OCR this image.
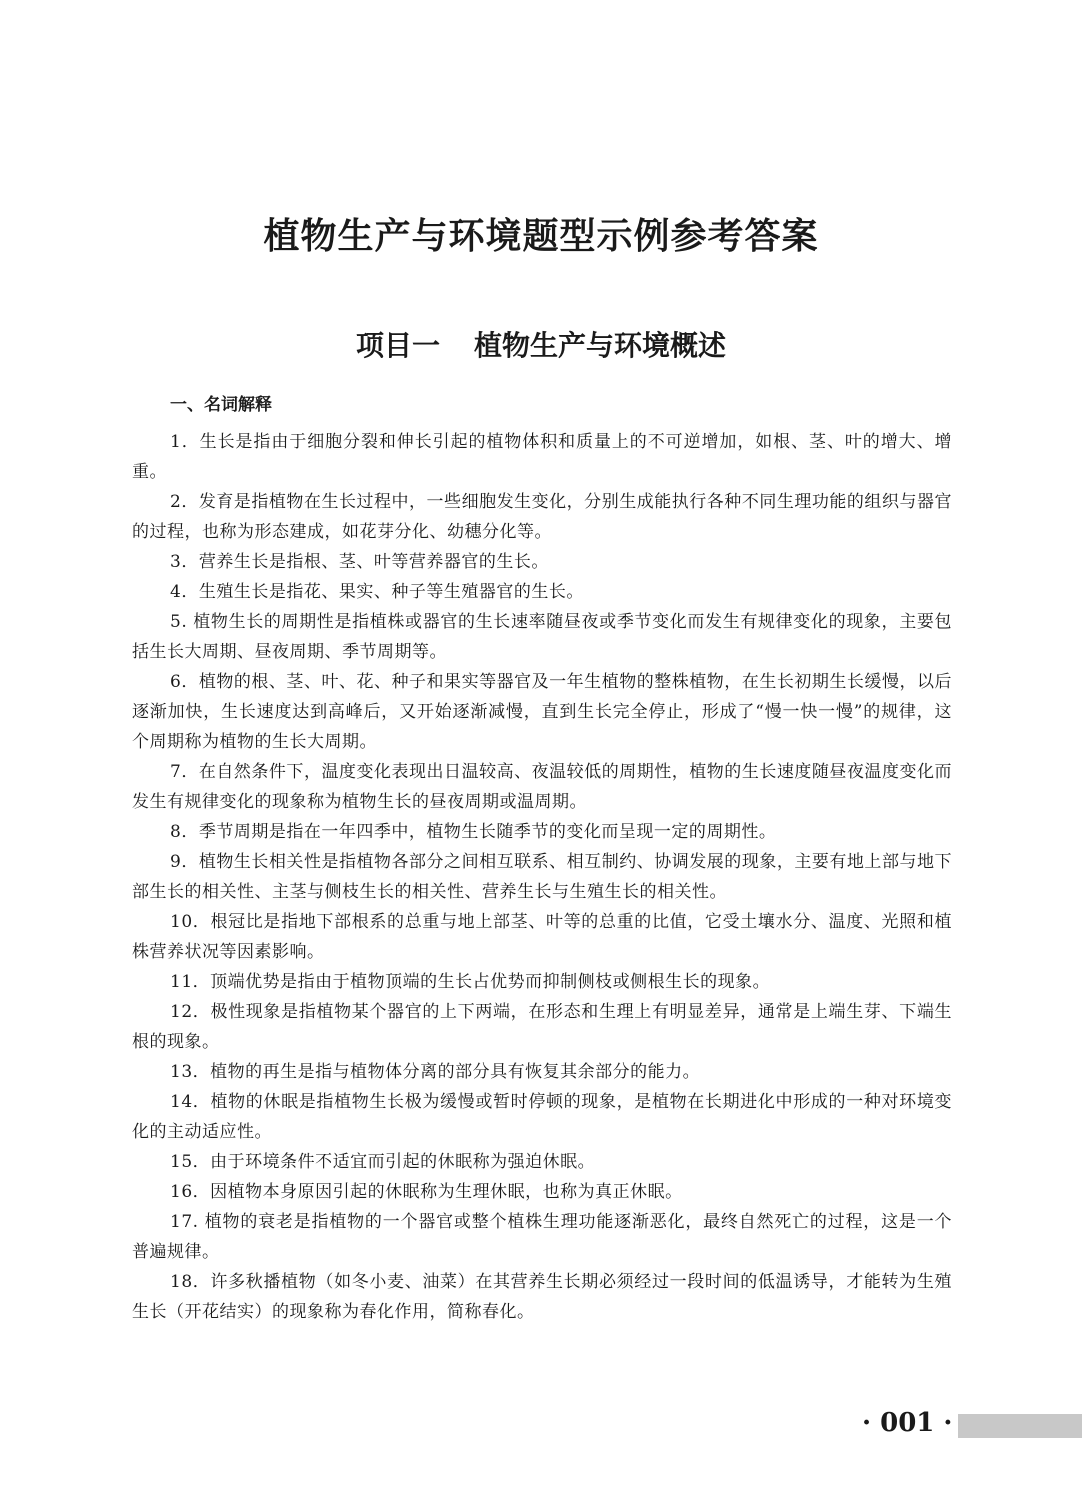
植物生产与环境题型示例参考答案
项目一 植物生产与环境概述
一、名词解释

1．生长是指由于细胞分裂和伸长引起的植物体积和质量上的不可逆增加，如根、茎、叶的增大、增重。

2．发育是指植物在生长过程中，一些细胞发生变化，分别生成能执行各种不同生理功能的组织与器官的过程，也称为形态建成，如花芽分化、幼穗分化等。

3．营养生长是指根、茎、叶等营养器官的生长。

4．生殖生长是指花、果实、种子等生殖器官的生长。

5. 植物生长的周期性是指植株或器官的生长速率随昼夜或季节变化而发生有规律变化的现象，主要包括生长大周期、昼夜周期、季节周期等。

6．植物的根、茎、叶、花、种子和果实等器官及一年生植物的整株植物，在生长初期生长缓慢，以后逐渐加快，生长速度达到高峰后，又开始逐渐减慢，直到生长完全停止，形成了“慢一快一慢”的规律，这个周期称为植物的生长大周期。

7．在自然条件下，温度变化表现出日温较高、夜温较低的周期性，植物的生长速度随昼夜温度变化而发生有规律变化的现象称为植物生长的昼夜周期或温周期。

8．季节周期是指在一年四季中，植物生长随季节的变化而呈现一定的周期性。

9．植物生长相关性是指植物各部分之间相互联系、相互制约、协调发展的现象，主要有地上部与地下部生长的相关性、主茎与侧枝生长的相关性、营养生长与生殖生长的相关性。

10．根冠比是指地下部根系的总重与地上部茎、叶等的总重的比值，它受土壤水分、温度、光照和植株营养状况等因素影响。

11．顶端优势是指由于植物顶端的生长占优势而抑制侧枝或侧根生长的现象。

12．极性现象是指植物某个器官的上下两端，在形态和生理上有明显差异，通常是上端生芽、下端生根的现象。

13．植物的再生是指与植物体分离的部分具有恢复其余部分的能力。

14．植物的休眠是指植物生长极为缓慢或暂时停顿的现象，是植物在长期进化中形成的一种对环境变化的主动适应性。

15．由于环境条件不适宜而引起的休眠称为强迫休眠。

16．因植物本身原因引起的休眠称为生理休眠，也称为真正休眠。

17. 植物的衰老是指植物的一个器官或整个植株生理功能逐渐恶化，最终自然死亡的过程，这是一个普遍规律。

18．许多秋播植物（如冬小麦、油菜）在其营养生长期必须经过一段时间的低温诱导，才能转为生殖生长（开花结实）的现象称为春化作用，简称春化。

· 001 ·
